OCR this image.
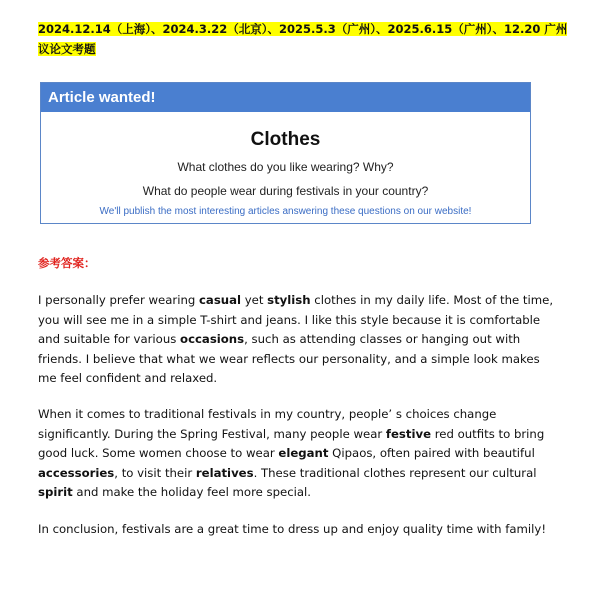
2024.12.14（上海）、2024.3.22（北京）、2025.5.3（广州）、2025.6.15（广州）、12.20 广州议论文考题
Article wanted!
Clothes
What clothes do you like wearing? Why?
What do people wear during festivals in your country?
We'll publish the most interesting articles answering these questions on our website!
参考答案：
I personally prefer wearing casual yet stylish clothes in my daily life. Most of the time, you will see me in a simple T-shirt and jeans. I like this style because it is comfortable and suitable for various occasions, such as attending classes or hanging out with friends. I believe that what we wear reflects our personality, and a simple look makes me feel confident and relaxed.
When it comes to traditional festivals in my country, people’ s choices change significantly. During the Spring Festival, many people wear festive red outfits to bring good luck. Some women choose to wear elegant Qipaos, often paired with beautiful accessories, to visit their relatives. These traditional clothes represent our cultural spirit and make the holiday feel more special.
In conclusion, festivals are a great time to dress up and enjoy quality time with family!
